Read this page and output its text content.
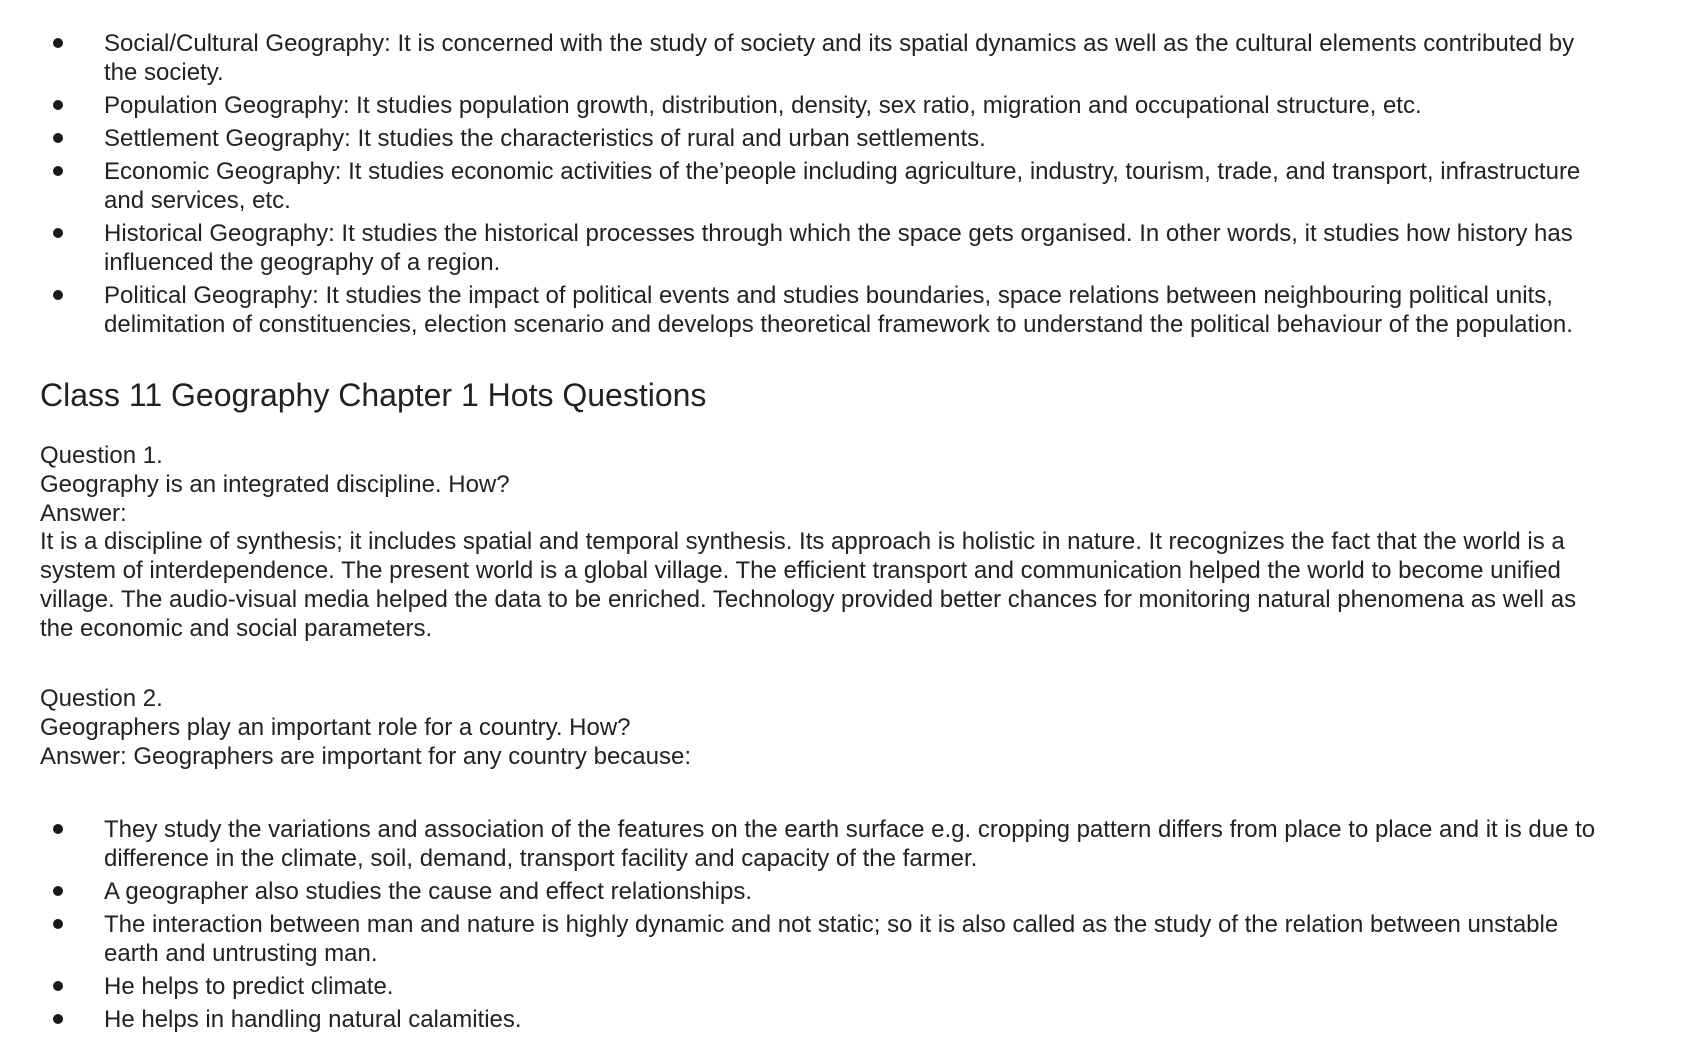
Social/Cultural Geography: It is concerned with the study of society and its spatial dynamics as well as the cultural elements contributed by
the society.
Population Geography: It studies population growth, distribution, density, sex ratio, migration and occupational structure, etc.
Settlement Geography: It studies the characteristics of rural and urban settlements.
Economic Geography: It studies economic activities of the’people including agriculture, industry, tourism, trade, and transport, infrastructure
and services, etc.
Historical Geography: It studies the historical processes through which the space gets organised. In other words, it studies how history has
influenced the geography of a region.
Political Geography: It studies the impact of political events and studies boundaries, space relations between neighbouring political units,
delimitation of constituencies, election scenario and develops theoretical framework to understand the political behaviour of the population.
Class 11 Geography Chapter 1 Hots Questions
Question 1.
Geography is an integrated discipline. How?
Answer:
It is a discipline of synthesis; it includes spatial and temporal synthesis. Its approach is holistic in nature. It recognizes the fact that the world is a
system of interdependence. The present world is a global village. The efficient transport and communication helped the world to become unified
village. The audio-visual media helped the data to be enriched. Technology provided better chances for monitoring natural phenomena as well as
the economic and social parameters.
Question 2.
Geographers play an important role for a country. How?
Answer: Geographers are important for any country because:
They study the variations and association of the features on the earth surface e.g. cropping pattern differs from place to place and it is due to
difference in the climate, soil, demand, transport facility and capacity of the farmer.
A geographer also studies the cause and effect relationships.
The interaction between man and nature is highly dynamic and not static; so it is also called as the study of the relation between unstable
earth and untrusting man.
He helps to predict climate.
He helps in handling natural calamities.
